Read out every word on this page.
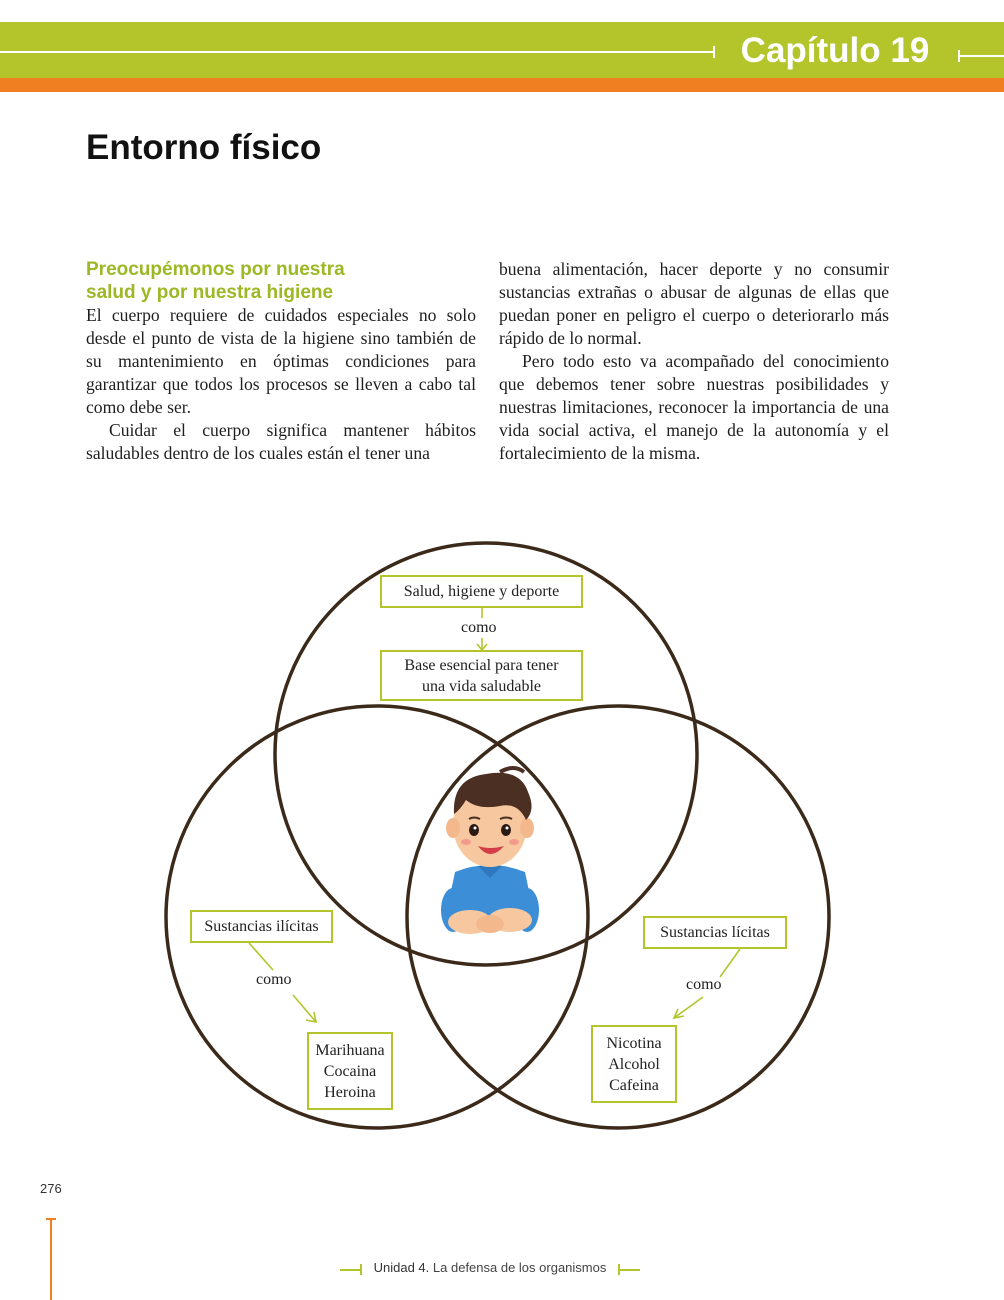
Capítulo 19
Entorno físico
Preocupémonos por nuestra
salud y por nuestra higiene

El cuerpo requiere de cuidados especiales no solo desde el punto de vista de la higiene sino también de su mantenimiento en óptimas condiciones para garantizar que todos los procesos se lleven a cabo tal como debe ser.

Cuidar el cuerpo significa mantener hábitos saludables dentro de los cuales están el tener una

buena alimentación, hacer deporte y no consumir sustancias extrañas o abusar de algunas de ellas que puedan poner en peligro el cuerpo o deteriorarlo más rápido de lo normal.

Pero todo esto va acompañado del conocimiento que debemos tener sobre nuestras posibilidades y nuestras limitaciones, reconocer la importancia de una vida social activa, el manejo de la autonomía y el fortalecimiento de la misma.

Salud, higiene y deporte
como
Base esencial para tener
una vida saludable
Sustancias ilícitas
como
Marihuana
Cocaina
Heroina
Sustancias lícitas
como
Nicotina
Alcohol
Cafeina
276
Unidad 4. La defensa de los organismos
